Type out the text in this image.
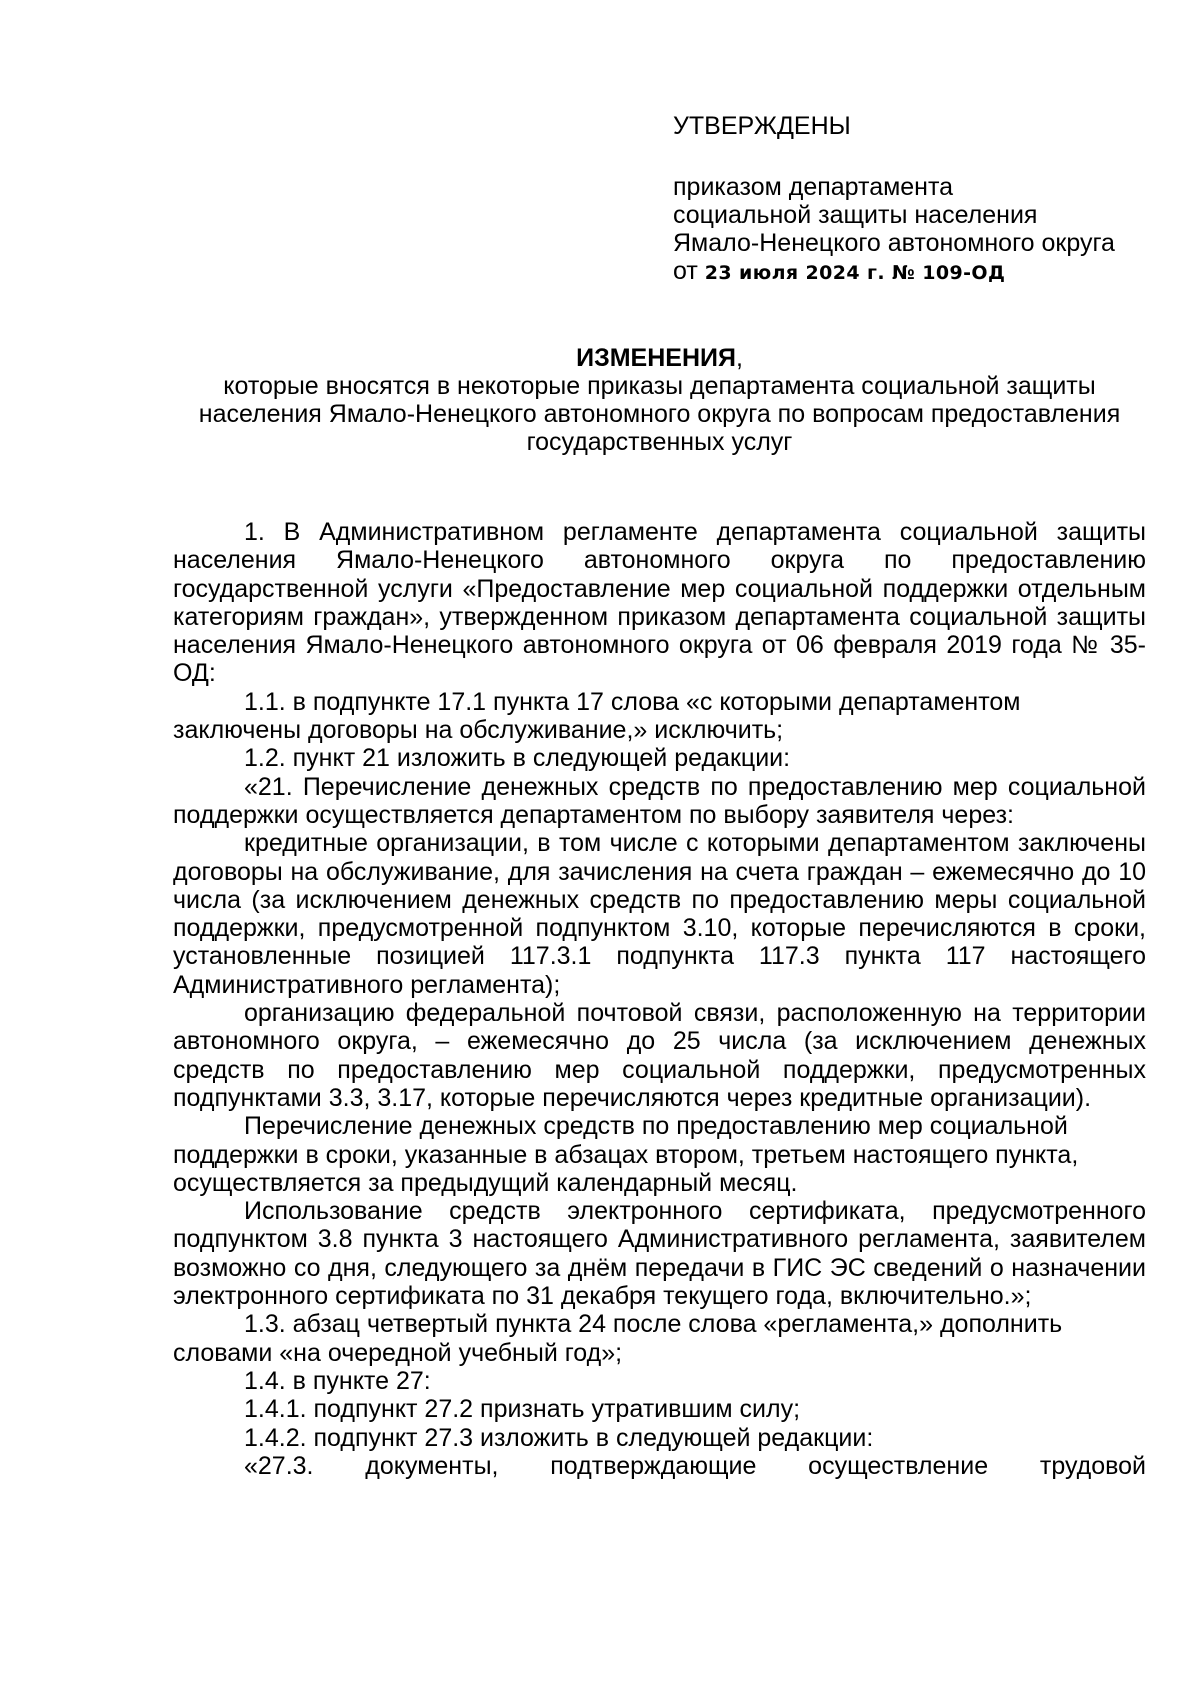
УТВЕРЖДЕНЫ
приказом департамента
социальной защиты населения
Ямало-Ненецкого автономного округа
от 23 июля 2024 г. № 109-ОД
ИЗМЕНЕНИЯ,
которые вносятся в некоторые приказы департамента социальной защиты населения Ямало-Ненецкого автономного округа по вопросам предоставления государственных услуг

1. В Административном регламенте департамента социальной защиты населения Ямало-Ненецкого автономного округа по предоставлению государственной услуги «Предоставление мер социальной поддержки отдельным категориям граждан», утвержденном приказом департамента социальной защиты населения Ямало-Ненецкого автономного округа от 06 февраля 2019 года № 35-ОД:

1.1. в подпункте 17.1 пункта 17 слова «с которыми департаментом заключены договоры на обслуживание,» исключить;

1.2. пункт 21 изложить в следующей редакции:

«21. Перечисление денежных средств по предоставлению мер социальной поддержки осуществляется департаментом по выбору заявителя через:

кредитные организации, в том числе с которыми департаментом заключены договоры на обслуживание, для зачисления на счета граждан – ежемесячно до 10 числа (за исключением денежных средств по предоставлению меры социальной поддержки, предусмотренной подпунктом 3.10, которые перечисляются в сроки, установленные позицией 117.3.1 подпункта 117.3 пункта 117 настоящего Административного регламента);

организацию федеральной почтовой связи, расположенную на территории автономного округа, – ежемесячно до 25 числа (за исключением денежных средств по предоставлению мер социальной поддержки, предусмотренных подпунктами 3.3, 3.17, которые перечисляются через кредитные организации).

Перечисление денежных средств по предоставлению мер социальной поддержки в сроки, указанные в абзацах втором, третьем настоящего пункта, осуществляется за предыдущий календарный месяц.

Использование средств электронного сертификата, предусмотренного подпунктом 3.8 пункта 3 настоящего Административного регламента, заявителем возможно со дня, следующего за днём передачи в ГИС ЭС сведений о назначении электронного сертификата по 31 декабря текущего года, включительно.»;

1.3. абзац четвертый пункта 24 после слова «регламента,» дополнить словами «на очередной учебный год»;

1.4. в пункте 27:

1.4.1. подпункт 27.2 признать утратившим силу;

1.4.2. подпункт 27.3 изложить в следующей редакции:

«27.3. документы, подтверждающие осуществление трудовой
